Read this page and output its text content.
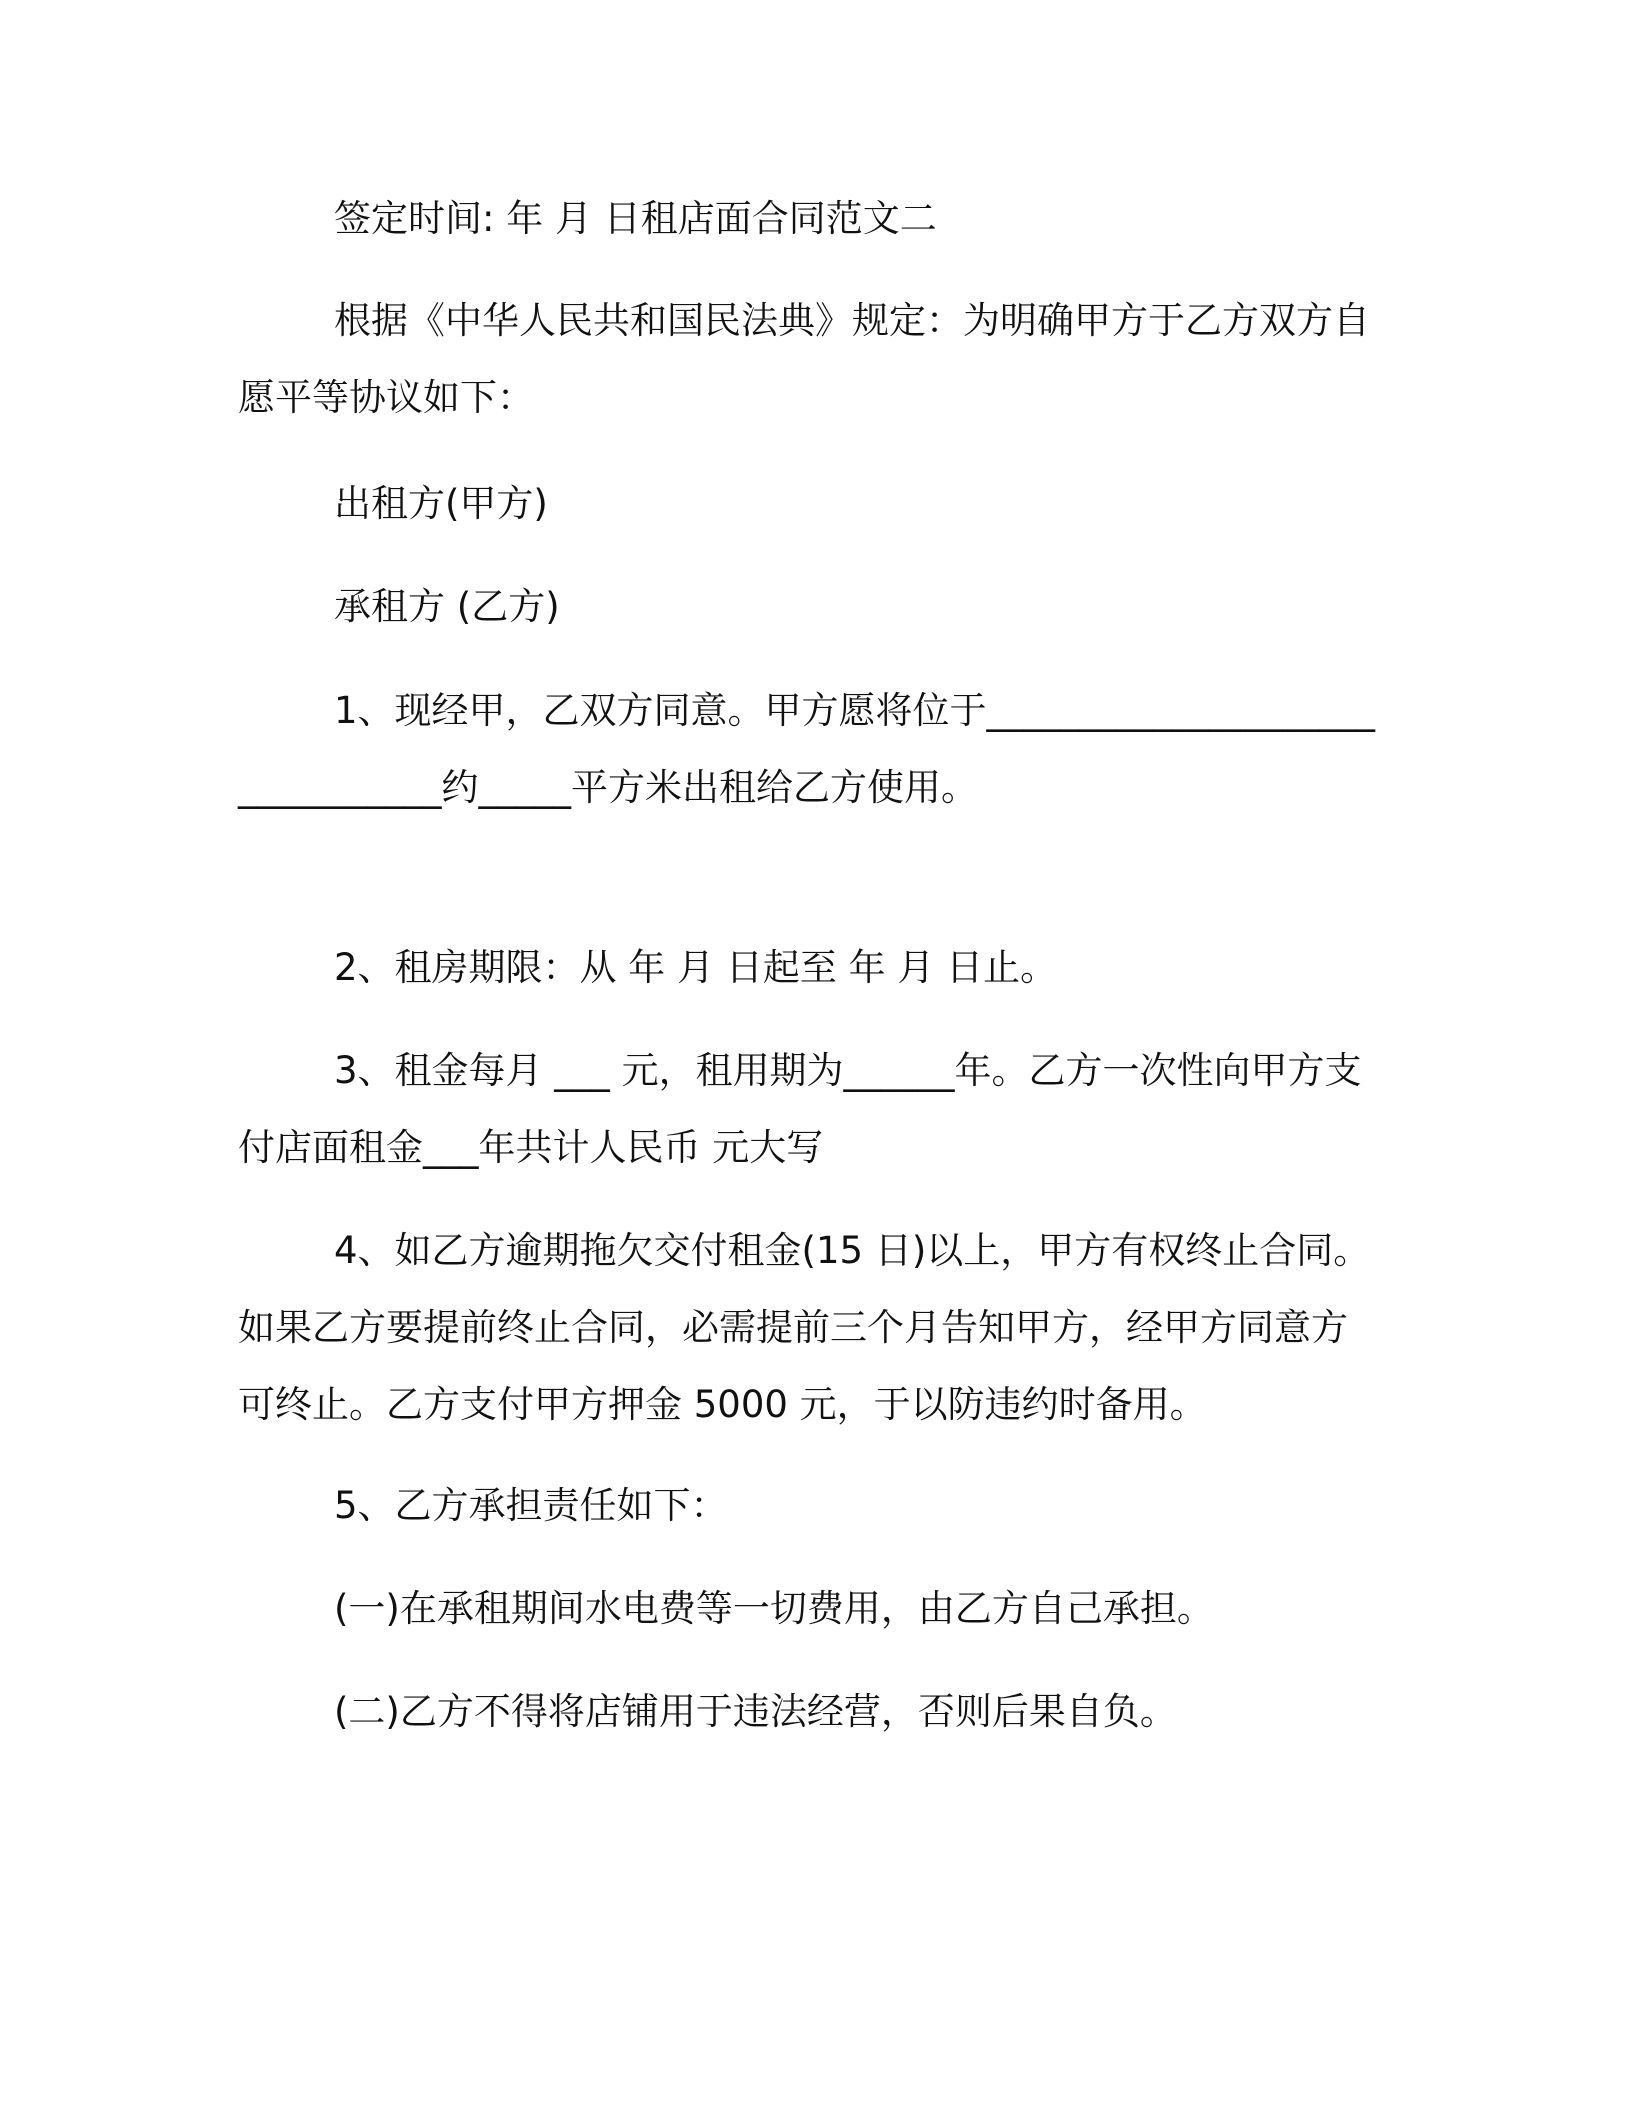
签定时间: 年 月 日租店面合同范文二

根据《中华人民共和国民法典》规定：为明确甲方于乙方双方自愿平等协议如下：

出租方(甲方)

承租方 (乙方)

1、现经甲，乙双方同意。甲方愿将位于________________________________约_____平方米出租给乙方使用。

2、租房期限：从 年 月 日起至 年 月 日止。

3、租金每月 ___ 元，租用期为______年。乙方一次性向甲方支付店面租金___年共计人民币 元大写

4、如乙方逾期拖欠交付租金(15 日)以上，甲方有权终止合同。如果乙方要提前终止合同，必需提前三个月告知甲方，经甲方同意方可终止。乙方支付甲方押金 5000 元，于以防违约时备用。

5、乙方承担责任如下：

(一)在承租期间水电费等一切费用，由乙方自己承担。

(二)乙方不得将店铺用于违法经营，否则后果自负。
